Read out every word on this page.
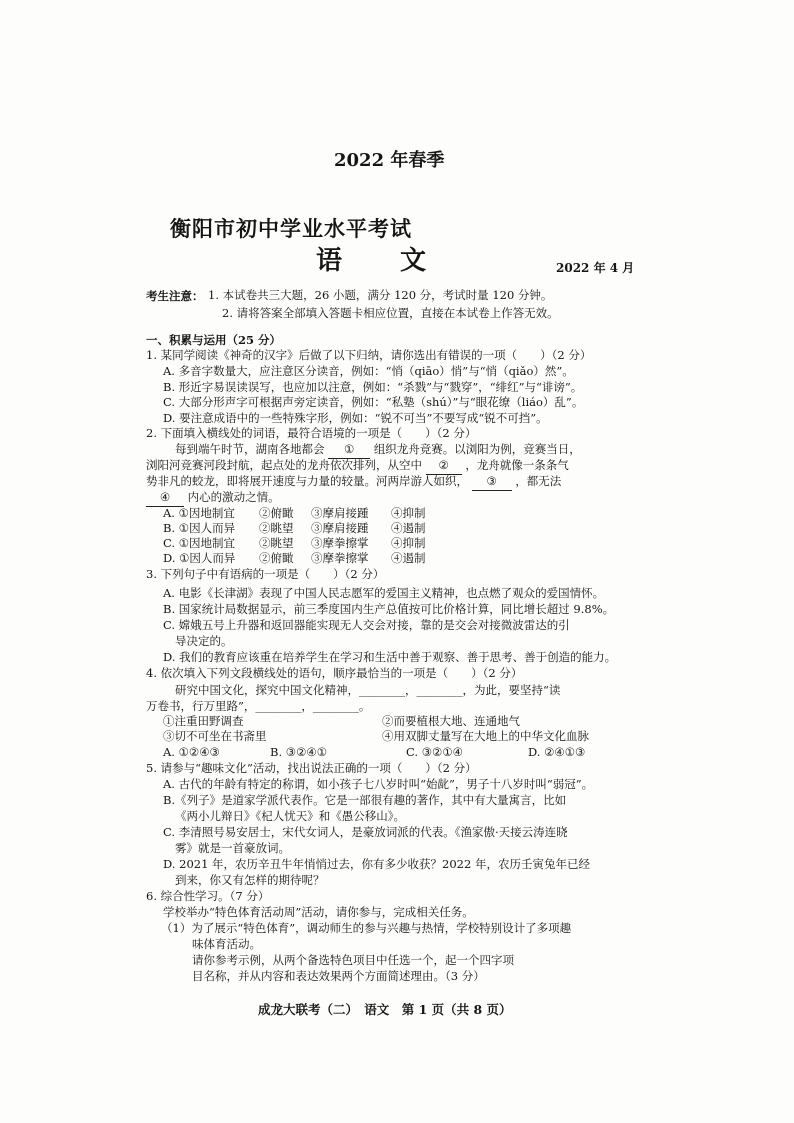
2022 年春季
衡阳市初中学业水平考试
语　文	2022 年 4 月
考生注意： 1. 本试卷共三大题，26 小题，满分 120 分，考试时量 120 分钟。
2. 请将答案全部填入答题卡相应位置，直接在本试卷上作答无效。
一、积累与运用（25 分）
1. 某同学阅读《神奇的汉字》后做了以下归纳，请你选出有错误的一项（　　）（2 分）
A. 多音字数量大，应注意区分读音，例如：“悄（qiāo）悄”与“悄（qiǎo）然”。
B. 形近字易误读误写，也应加以注意，例如：“杀戮”与“戮穿”，“绯红”与“诽谤”。
C. 大部分形声字可根据声旁定读音，例如：“私塾（shú）”与“眼花缭（liáo）乱”。
D. 要注意成语中的一些特殊字形，例如：“锐不可当”不要写成“锐不可挡”。
2. 下面填入横线处的词语，最符合语境的一项是（　　）（2 分）
每到端午时节，湖南各地都会 ① 组织龙舟竞赛。以浏阳为例，竞赛当日，
浏阳河竞赛河段封航，起点处的龙舟依次排列，从空中 ② ，龙舟就像一条条气
势非凡的蛟龙，即将展开速度与力量的较量。河两岸游人如织， ③ ，都无法
④ 内心的激动之情。
A. ①因地制宜 ②俯瞰 ③摩肩接踵 ④抑制
B. ①因人而异 ②眺望 ③摩肩接踵 ④遏制
C. ①因地制宜 ②眺望 ③摩拳擦掌 ④抑制
D. ①因人而异 ②俯瞰 ③摩拳擦掌 ④遏制
3. 下列句子中有语病的一项是（　　）（2 分）
A. 电影《长津湖》表现了中国人民志愿军的爱国主义精神，也点燃了观众的爱国情怀。
B. 国家统计局数据显示，前三季度国内生产总值按可比价格计算，同比增长超过 9.8%。
C. 嫦娥五号上升器和返回器能实现无人交会对接，靠的是交会对接微波雷达的引
导决定的。
D. 我们的教育应该重在培养学生在学习和生活中善于观察、善于思考、善于创造的能力。
4. 依次填入下列文段横线处的语句，顺序最恰当的一项是（　　）（2 分）
研究中国文化，探究中国文化精神，________，________，为此，要坚持“读
万卷书，行万里路”，________，________。
①注重田野调查	②而要植根大地、连通地气
③切不可坐在书斋里	④用双脚丈量写在大地上的中华文化血脉
A. ①②④③	B. ③②④①	C. ③②①④	D. ②④①③
5. 请参与“趣味文化”活动，找出说法正确的一项（　　）（2 分）
A. 古代的年龄有特定的称谓，如小孩子七八岁时叫“始龀”，男子十八岁时叫“弱冠”。
B.《列子》是道家学派代表作。它是一部很有趣的著作，其中有大量寓言，比如
《两小儿辩日》《杞人忧天》和《愚公移山》。
C. 李清照号易安居士，宋代女词人，是豪放词派的代表。《渔家傲·天接云涛连晓
雾》就是一首豪放词。
D. 2021 年，农历辛丑牛年悄悄过去，你有多少收获？2022 年，农历壬寅兔年已经
到来，你又有怎样的期待呢？
6. 综合性学习。（7 分）
学校举办“特色体育活动周”活动，请你参与，完成相关任务。
（1）为了展示“特色体育”，调动师生的参与兴趣与热情，学校特别设计了多项趣
味体育活动。
请你参考示例，从两个备选特色项目中任选一个，起一个四字项
目名称，并从内容和表达效果两个方面简述理由。（3 分）
成龙大联考（二）　语文　第 1 页（共 8 页）
